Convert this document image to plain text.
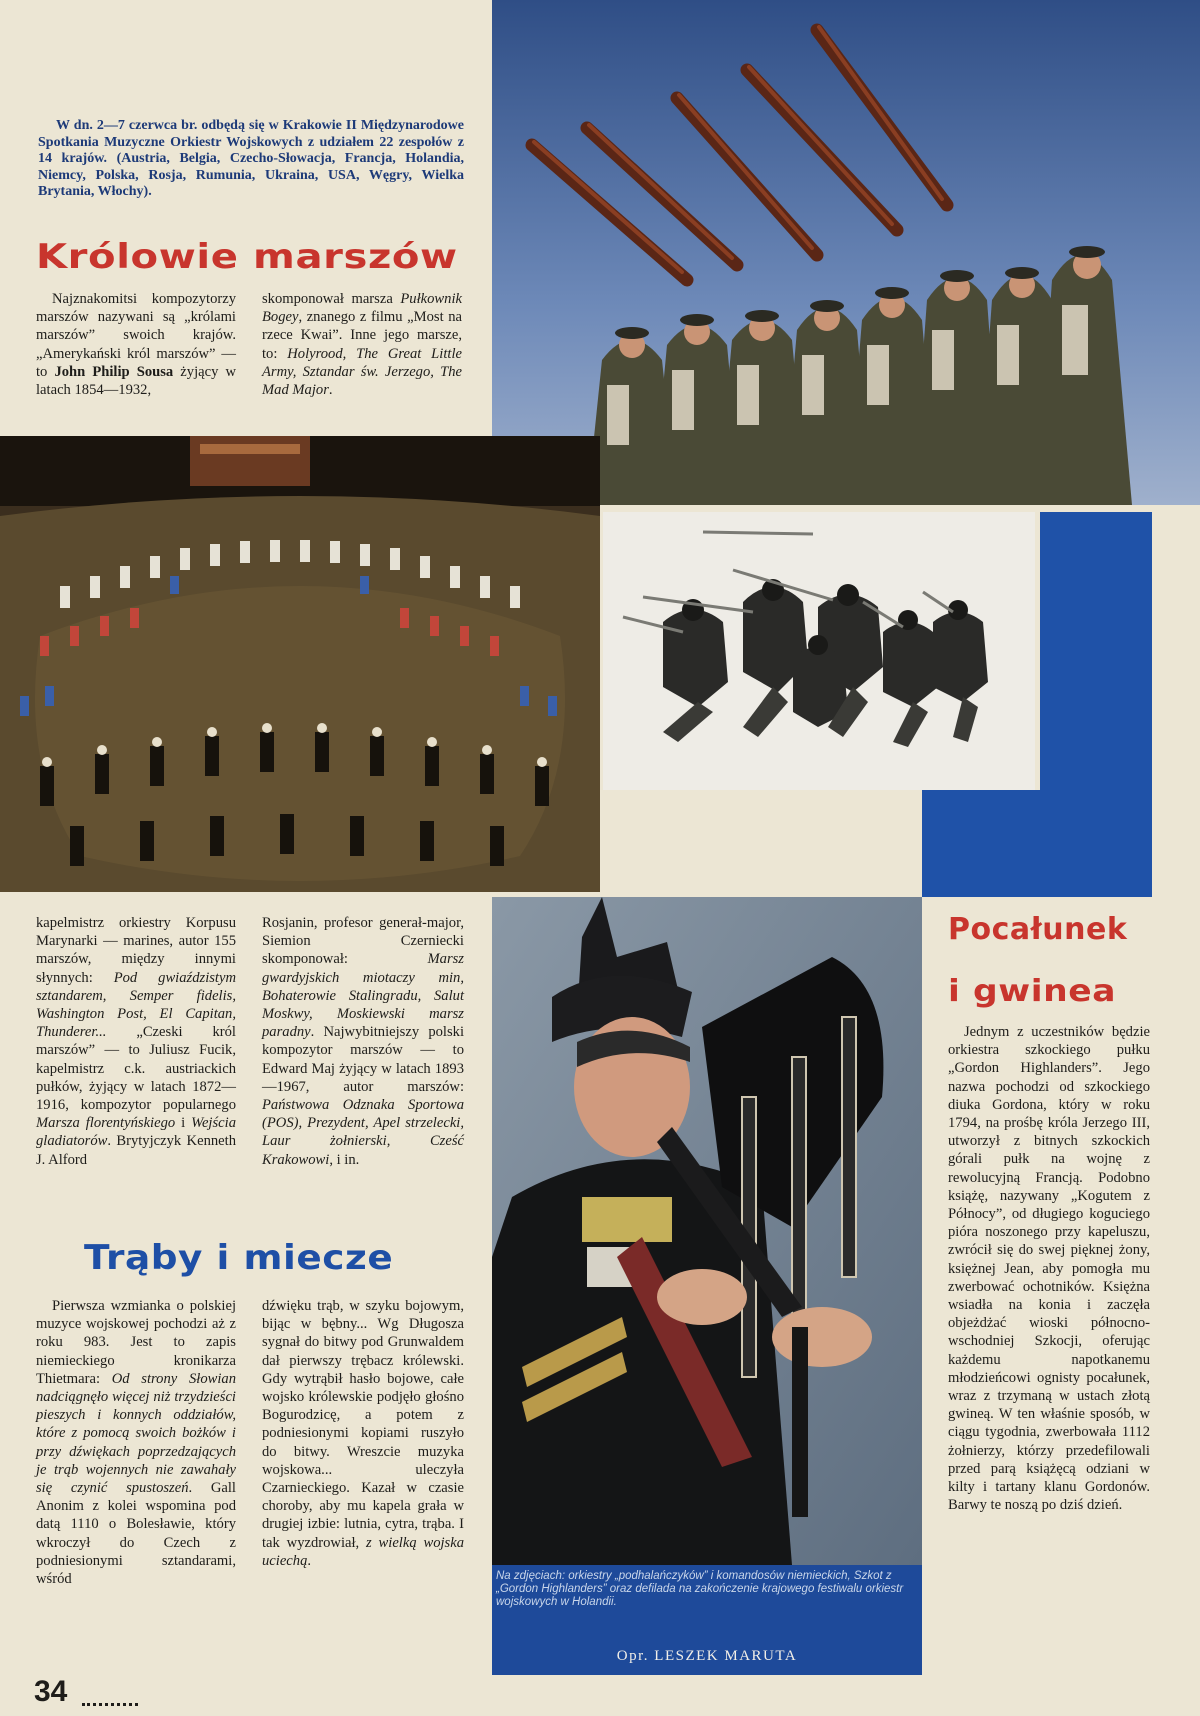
W dn. 2—7 czerwca br. odbędą się w Krakowie II Międzynarodowe Spotkania Muzyczne Orkiestr Wojskowych z udziałem 22 zespołów z 14 krajów. (Austria, Belgia, Czecho-Słowacja, Francja, Holandia, Niemcy, Polska, Rosja, Rumunia, Ukraina, USA, Węgry, Wielka Brytania, Włochy).
Królowie marszów

Najznakomitsi kompozytorzy marszów nazywani są „królami marszów” swoich krajów. „Amerykański król marszów” — to John Philip Sousa żyjący w latach 1854—1932,

skomponował marsza Pułkownik Bogey, znanego z filmu „Most na rzece Kwai”. Inne jego marsze, to: Holyrood, The Great Little Army, Sztandar św. Jerzego, The Mad Major.

Na zdjęciach: orkiestry „podhalańczyków” i komandosów niemieckich, Szkot z „Gordon Highlanders” oraz defilada na zakończenie krajowego festiwalu orkiestr wojskowych w Holandii.
Opr. LESZEK MARUTA

kapelmistrz orkiestry Korpusu Marynarki — marines, autor 155 marszów, między innymi słynnych: Pod gwiaździstym sztandarem, Semper fidelis, Washington Post, El Capitan, Thunderer... „Czeski król marszów” — to Juliusz Fucik, kapelmistrz c.k. austriackich pułków, żyjący w latach 1872—1916, kompozytor popularnego Marsza florentyńskiego i Wejścia gladiatorów. Brytyjczyk Kenneth J. Alford

Rosjanin, profesor generał-major, Siemion Czerniecki skomponował: Marsz gwardyjskich miotaczy min, Bohaterowie Stalingradu, Salut Moskwy, Moskiewski marsz paradny. Najwybitniejszy polski kompozytor marszów — to Edward Maj żyjący w latach 1893—1967, autor marszów: Państwowa Odznaka Sportowa (POS), Prezydent, Apel strzelecki, Laur żołnierski, Cześć Krakowowi, i in.

Trąby i miecze

Pierwsza wzmianka o polskiej muzyce wojskowej pochodzi aż z roku 983. Jest to zapis niemieckiego kronikarza Thietmara: Od strony Słowian nadciągnęło więcej niż trzydzieści pieszych i konnych oddziałów, które z pomocą swoich bożków i przy dźwiękach poprzedzających je trąb wojennych nie zawahały się czynić spustoszeń. Gall Anonim z kolei wspomina pod datą 1110 o Bolesławie, który wkroczył do Czech z podniesionymi sztandarami, wśród

dźwięku trąb, w szyku bojowym, bijąc w bębny... Wg Długosza sygnał do bitwy pod Grunwaldem dał pierwszy trębacz królewski. Gdy wytrąbił hasło bojowe, całe wojsko królewskie podjęło głośno Bogurodzicę, a potem z podniesionymi kopiami ruszyło do bitwy. Wreszcie muzyka wojskowa... uleczyła Czarnieckiego. Kazał w czasie choroby, aby mu kapela grała w drugiej izbie: lutnia, cytra, trąba. I tak wyzdrowiał, z wielką wojska uciechą.

Pocałunek
i gwinea

Jednym z uczestników będzie orkiestra szkockiego pułku „Gordon Highlanders”. Jego nazwa pochodzi od szkockiego diuka Gordona, który w roku 1794, na prośbę króla Jerzego III, utworzył z bitnych szkockich górali pułk na wojnę z rewolucyjną Francją. Podobno książę, nazywany „Kogutem z Północy”, od długiego koguciego pióra noszonego przy kapeluszu, zwrócił się do swej pięknej żony, księżnej Jean, aby pomogła mu zwerbować ochotników. Księżna wsiadła na konia i zaczęła objeżdżać wioski północno-wschodniej Szkocji, oferując każdemu napotkanemu młodzieńcowi ognisty pocałunek, wraz z trzymaną w ustach złotą gwineą. W ten właśnie sposób, w ciągu tygodnia, zwerbowała 1112 żołnierzy, którzy przedefilowali przed parą książęcą odziani w kilty i tartany klanu Gordonów. Barwy te noszą po dziś dzień.

34
